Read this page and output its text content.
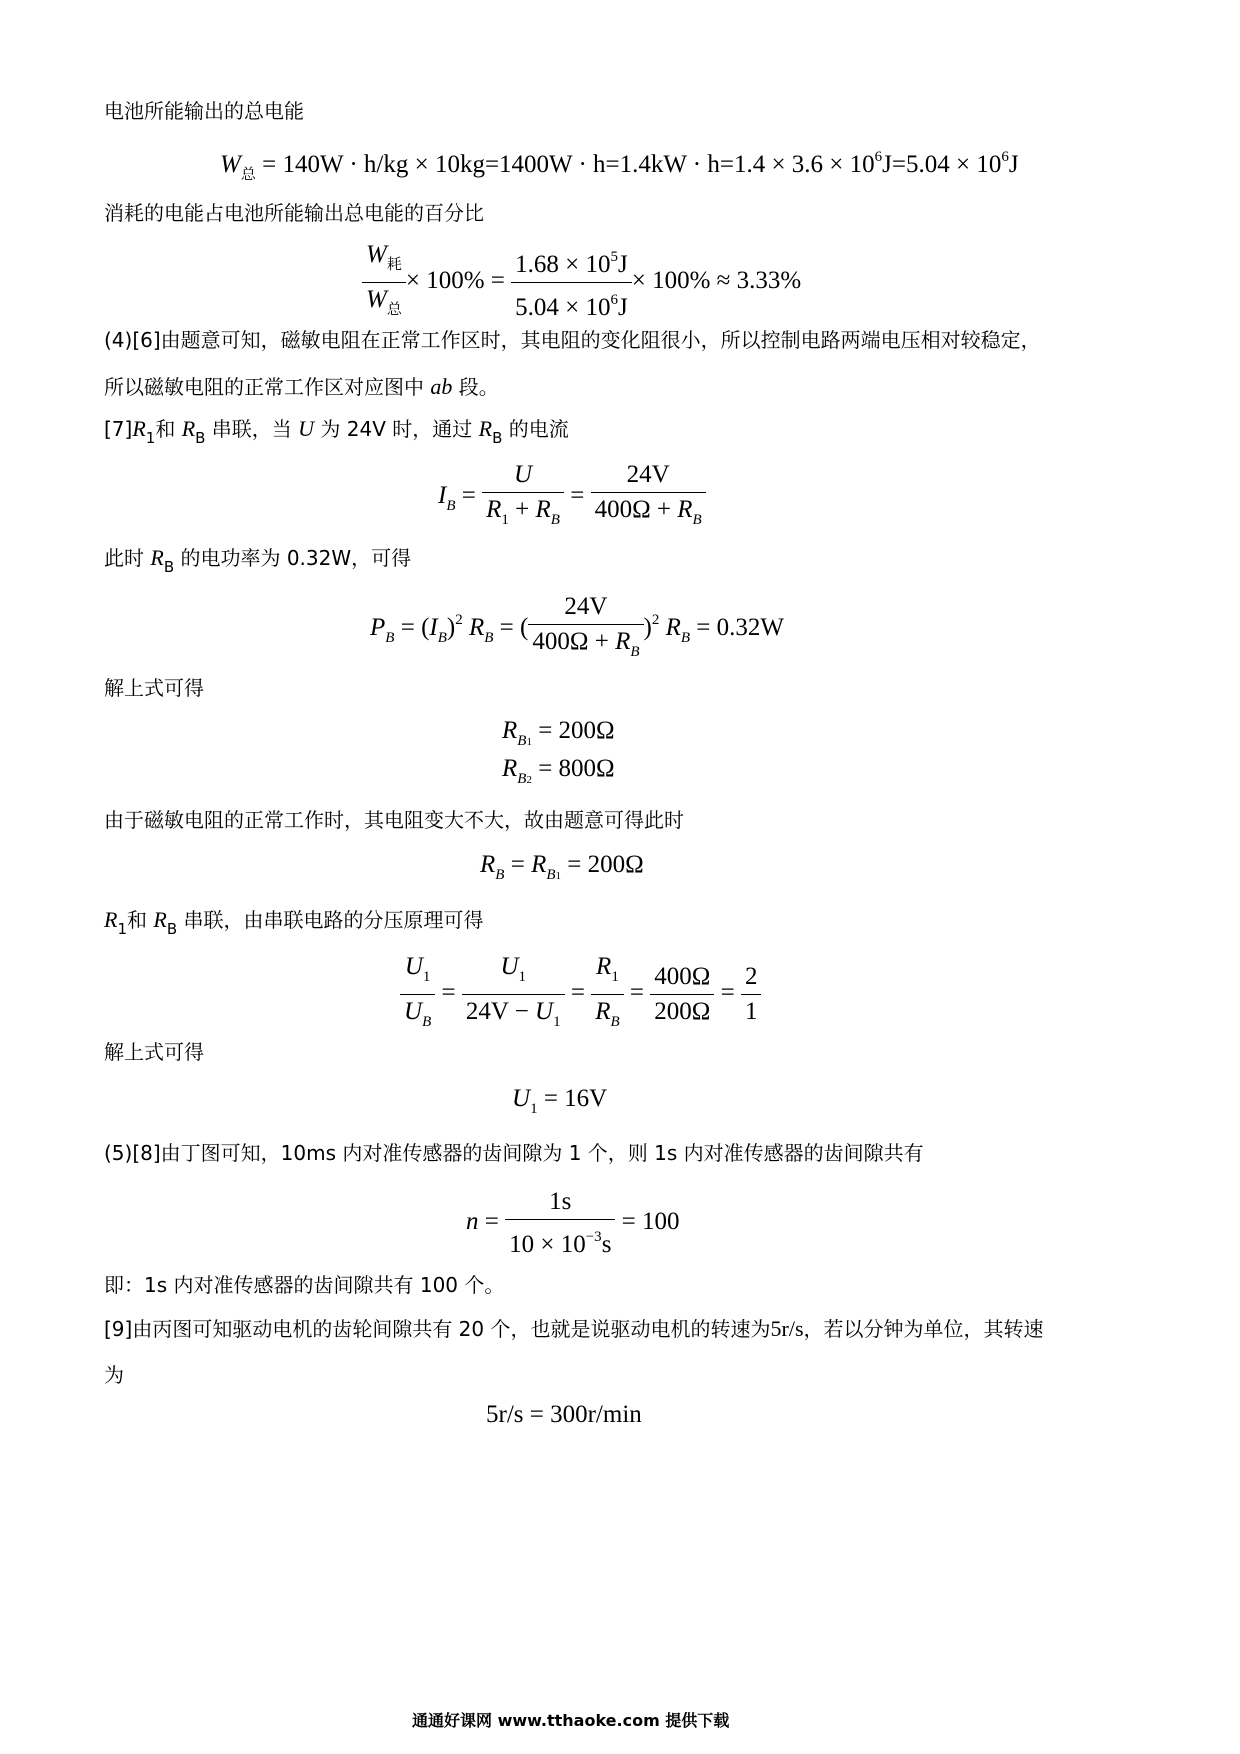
电池所能输出的总电能
$W_总 = 140W \cdot h/kg \times 10kg=1400W \cdot h=1.4kW \cdot h=1.4 \times 3.6 \times 10^6J=5.04 \times 10^6J$
消耗的电能占电池所能输出总电能的百分比
$\frac{W_耗}{W_总} \times 100\% = \frac{1.68 \times 10^5J}{5.04 \times 10^6J} \times 100\% \approx 3.33\%$
(4)[6]由题意可知，磁敏电阻在正常工作区时，其电阻的变化阻很小，所以控制电路两端电压相对较稳定，
所以磁敏电阻的正常工作区对应图中 ab 段。
$[7]R_1$和 $R_B$ 串联，当 U 为 24V 时，通过 $R_B$ 的电流
$I_B = \frac{U}{R_1 + R_B} = \frac{24V}{400\Omega + R_B}$
此时 $R_B$ 的电功率为 0.32W，可得
$P_B = (I_B)^2$ $R_B$ = ( $\frac{24V}{400\Omega + R_B} )^2$ $R_B = 0.32W$
解上式可得
$R_{B1} = 200\Omega$
$R_{B2} = 800\Omega$
由于磁敏电阻的正常工作时，其电阻变大不大，故由题意可得此时
$R_B = R_{B1} = 200\Omega$
$R_1$和 $R_B$ 串联，由串联电路的分压原理可得
$\frac{U_1}{U_B} = \frac{U_1}{24V - U_1} = \frac{R_1}{R_B} = \frac{400\Omega}{200\Omega} = \frac{2}{1}$
解上式可得
$U_1 = 16V$
(5)[8]由丁图可知，10ms 内对准传感器的齿间隙为 1 个，则 1s 内对准传感器的齿间隙共有
$n = \frac{1s}{10 \times 10^{-3}s} = 100$
即：1s 内对准传感器的齿间隙共有 100 个。
[9]由丙图可知驱动电机的齿轮间隙共有 20 个，也就是说驱动电机的转速为5r/s，若以分钟为单位，其转速
为
5r/s = 300r/min
通通好课网 www.tthaoke.com 提供下载
